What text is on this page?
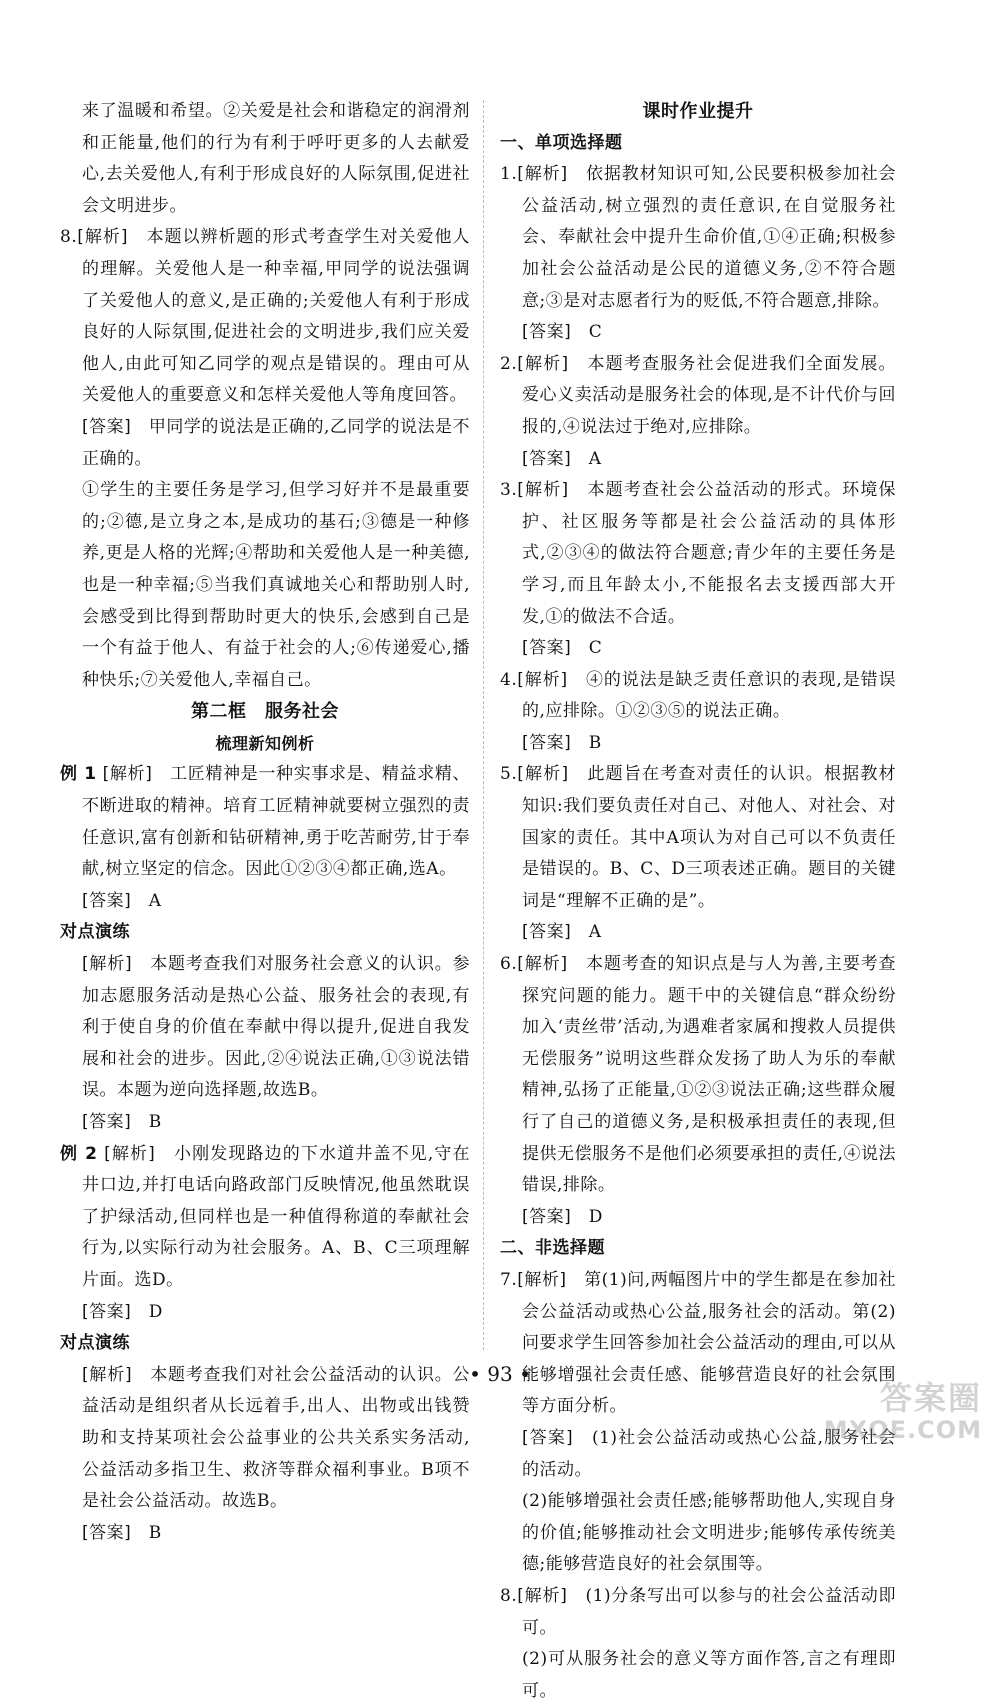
来了温暖和希望。②关爱是社会和谐稳定的润滑剂和正能量,他们的行为有利于呼吁更多的人去献爱心,去关爱他人,有利于形成良好的人际氛围,促进社会文明进步。

8.[解析]　 本题以辨析题的形式考查学生对关爱他人的理解。关爱他人是一种幸福,甲同学的说法强调了关爱他人的意义,是正确的;关爱他人有利于形成良好的人际氛围,促进社会的文明进步,我们应关爱他人,由此可知乙同学的观点是错误的。理由可从关爱他人的重要意义和怎样关爱他人等角度回答。

[答案]　 甲同学的说法是正确的,乙同学的说法是不正确的。

①学生的主要任务是学习,但学习好并不是最重要的;②德,是立身之本,是成功的基石;③德是一种修养,更是人格的光辉;④帮助和关爱他人是一种美德,也是一种幸福;⑤当我们真诚地关心和帮助别人时,会感受到比得到帮助时更大的快乐,会感到自己是一个有益于他人、有益于社会的人;⑥传递爱心,播种快乐;⑦关爱他人,幸福自己。

第二框　服务社会

梳理新知例析

例 1 [解析]　 工匠精神是一种实事求是、精益求精、不断进取的精神。培育工匠精神就要树立强烈的责任意识,富有创新和钻研精神,勇于吃苦耐劳,甘于奉献,树立坚定的信念。因此①②③④都正确,选A。

[答案]　 A

对点演练

[解析]　 本题考查我们对服务社会意义的认识。参加志愿服务活动是热心公益、服务社会的表现,有利于使自身的价值在奉献中得以提升,促进自我发展和社会的进步。因此,②④说法正确,①③说法错误。本题为逆向选择题,故选B。

[答案]　 B

例 2 [解析]　 小刚发现路边的下水道井盖不见,守在井口边,并打电话向路政部门反映情况,他虽然耽误了护绿活动,但同样也是一种值得称道的奉献社会行为,以实际行动为社会服务。A、B、C三项理解片面。选D。

[答案]　 D

对点演练

[解析]　 本题考查我们对社会公益活动的认识。公益活动是组织者从长远着手,出人、出物或出钱赞助和支持某项社会公益事业的公共关系实务活动,公益活动多指卫生、救济等群众福利事业。B项不是社会公益活动。故选B。

[答案]　 B

课时作业提升

一、单项选择题

1.[解析]　 依据教材知识可知,公民要积极参加社会公益活动,树立强烈的责任意识,在自觉服务社会、奉献社会中提升生命价值,①④正确;积极参加社会公益活动是公民的道德义务,②不符合题意;③是对志愿者行为的贬低,不符合题意,排除。

[答案]　 C

2.[解析]　 本题考查服务社会促进我们全面发展。爱心义卖活动是服务社会的体现,是不计代价与回报的,④说法过于绝对,应排除。

[答案]　 A

3.[解析]　 本题考查社会公益活动的形式。环境保护、社区服务等都是社会公益活动的具体形式,②③④的做法符合题意;青少年的主要任务是学习,而且年龄太小,不能报名去支援西部大开发,①的做法不合适。

[答案]　 C

4.[解析]　 ④的说法是缺乏责任意识的表现,是错误的,应排除。①②③⑤的说法正确。

[答案]　 B

5.[解析]　 此题旨在考查对责任的认识。根据教材知识:我们要负责任对自己、对他人、对社会、对国家的责任。其中A项认为对自己可以不负责任是错误的。B、C、D三项表述正确。题目的关键词是“理解不正确的是”。

[答案]　 A

6.[解析]　 本题考查的知识点是与人为善,主要考查探究问题的能力。题干中的关键信息“群众纷纷加入‘责丝带’活动,为遇难者家属和搜救人员提供无偿服务”说明这些群众发扬了助人为乐的奉献精神,弘扬了正能量,①②③说法正确;这些群众履行了自己的道德义务,是积极承担责任的表现,但提供无偿服务不是他们必须要承担的责任,④说法错误,排除。

[答案]　 D

二、非选择题

7.[解析]　 第(1)问,两幅图片中的学生都是在参加社会公益活动或热心公益,服务社会的活动。第(2)问要求学生回答参加社会公益活动的理由,可以从能够增强社会责任感、能够营造良好的社会氛围等方面分析。

[答案]　 (1)社会公益活动或热心公益,服务社会的活动。

(2)能够增强社会责任感;能够帮助他人,实现自身的价值;能够推动社会文明进步;能够传承传统美德;能够营造良好的社会氛围等。

8.[解析]　 (1)分条写出可以参与的社会公益活动即可。

(2)可从服务社会的意义等方面作答,言之有理即可。

• 93 •
答案圈
MXQE.COM
